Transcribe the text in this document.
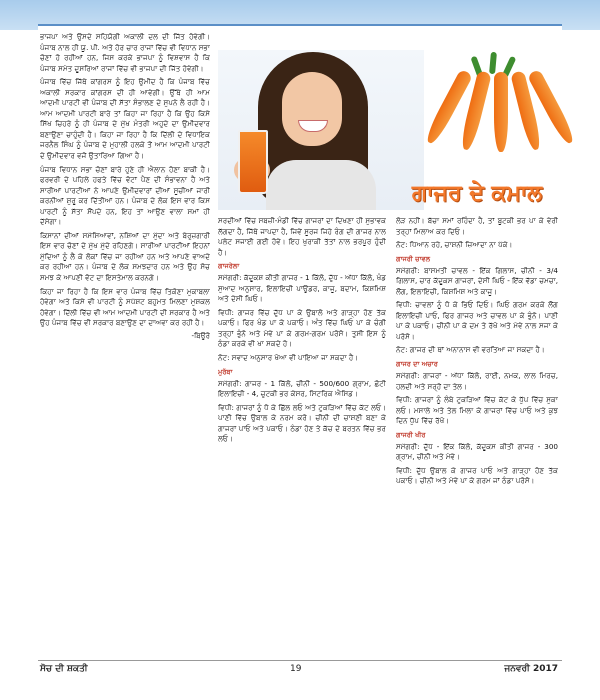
ਭਾਜਪਾ ਅਤੇ ਉਸਦੇ ਸਹਿਯੋਗੀ ਅਕਾਲੀ ਦਲ ਦੀ ਜਿੱਤ ਹੋਵੇਗੀ। ਪੰਜਾਬ ਨਾਲ ਹੀ ਯੂ. ਪੀ. ਅਤੇ ਹੋਰ ਚਾਰ ਰਾਜਾਂ ਵਿੱਚ ਵੀ ਵਿਧਾਨ ਸਭਾ ਚੋਣਾਂ ਹੋ ਰਹੀਆਂ ਹਨ, ਜਿਸ ਕਰਕੇ ਭਾਜਪਾ ਨੂੰ ਵਿਸ਼ਵਾਸ ਹੈ ਕਿ ਪੰਜਾਬ ਸਮੇਤ ਦੂਸਰਿਆਂ ਰਾਜਾਂ ਵਿੱਚ ਵੀ ਭਾਜਪਾ ਦੀ ਜਿੱਤ ਹੋਵੇਗੀ।

ਪੰਜਾਬ ਵਿੱਚ ਜਿੱਥੇ ਕਾਂਗਰਸ ਨੂੰ ਇਹ ਉਮੀਦ ਹੈ ਕਿ ਪੰਜਾਬ ਵਿੱਚ ਅਕਾਲੀ ਸਰਕਾਰ ਕਾਂਗਰਸ ਦੀ ਹੀ ਆਵੇਗੀ। ਉੱਥੇ ਹੀ ਆਮ ਆਦਮੀ ਪਾਰਟੀ ਵੀ ਪੰਜਾਬ ਦੀ ਸੱਤਾ ਸੰਭਾਲਣ ਦੇ ਸੁਪਨੇ ਲੈ ਰਹੀ ਹੈ। ਆਮ ਆਦਮੀ ਪਾਰਟੀ ਬਾਰੇ ਤਾਂ ਕਿਹਾ ਜਾ ਰਿਹਾ ਹੈ ਕਿ ਉਹ ਕਿਸੇ ਸਿੱਖ ਚਿਹਰੇ ਨੂੰ ਹੀ ਪੰਜਾਬ ਦੇ ਮੁੱਖ ਮੰਤਰੀ ਅਹੁਦੇ ਦਾ ਉਮੀਦਵਾਰ ਬਣਾਉਣਾ ਚਾਹੁੰਦੀ ਹੈ। ਕਿਹਾ ਜਾ ਰਿਹਾ ਹੈ ਕਿ ਦਿੱਲੀ ਦੇ ਵਿਧਾਇਕ ਜਰਨੈਲ ਸਿੰਘ ਨੂੰ ਪੰਜਾਬ ਦੇ ਮੁਹਾਲੀ ਹਲਕੇ ਤੋਂ ਆਮ ਆਦਮੀ ਪਾਰਟੀ ਦੇ ਉਮੀਦਵਾਰ ਵਜੋਂ ਉਤਾਰਿਆ ਗਿਆ ਹੈ।

ਪੰਜਾਬ ਵਿਧਾਨ ਸਭਾ ਚੋਣਾਂ ਬਾਰੇ ਹੁਣੇ ਹੀ ਐਲਾਨ ਹੋਣਾ ਬਾਕੀ ਹੈ। ਫਰਵਰੀ ਦੇ ਪਹਿਲੇ ਹਫਤੇ ਵਿੱਚ ਵੋਟਾਂ ਪੈਣ ਦੀ ਸੰਭਾਵਨਾ ਹੈ ਅਤੇ ਸਾਰੀਆਂ ਪਾਰਟੀਆਂ ਨੇ ਆਪਣੇ ਉਮੀਦਵਾਰਾਂ ਦੀਆਂ ਸੂਚੀਆਂ ਜਾਰੀ ਕਰਨੀਆਂ ਸ਼ੁਰੂ ਕਰ ਦਿੱਤੀਆਂ ਹਨ। ਪੰਜਾਬ ਦੇ ਲੋਕ ਇਸ ਵਾਰ ਕਿਸ ਪਾਰਟੀ ਨੂੰ ਸੱਤਾ ਸੌਂਪਦੇ ਹਨ, ਇਹ ਤਾਂ ਆਉਣ ਵਾਲਾ ਸਮਾਂ ਹੀ ਦੱਸੇਗਾ।

ਕਿਸਾਨਾਂ ਦੀਆਂ ਸਮੱਸਿਆਵਾਂ, ਨਸ਼ਿਆਂ ਦਾ ਮੁੱਦਾ ਅਤੇ ਬੇਰੁਜ਼ਗਾਰੀ ਇਸ ਵਾਰ ਚੋਣਾਂ ਦੇ ਮੁੱਖ ਮੁੱਦੇ ਰਹਿਣਗੇ। ਸਾਰੀਆਂ ਪਾਰਟੀਆਂ ਇਹਨਾਂ ਮੁੱਦਿਆਂ ਨੂੰ ਲੈ ਕੇ ਲੋਕਾਂ ਵਿੱਚ ਜਾ ਰਹੀਆਂ ਹਨ ਅਤੇ ਆਪਣੇ ਵਾਅਦੇ ਕਰ ਰਹੀਆਂ ਹਨ। ਪੰਜਾਬ ਦੇ ਲੋਕ ਸਮਝਦਾਰ ਹਨ ਅਤੇ ਉਹ ਸੋਚ ਸਮਝ ਕੇ ਆਪਣੀ ਵੋਟ ਦਾ ਇਸਤੇਮਾਲ ਕਰਨਗੇ।

ਕਿਹਾ ਜਾ ਰਿਹਾ ਹੈ ਕਿ ਇਸ ਵਾਰ ਪੰਜਾਬ ਵਿੱਚ ਤਿਕੋਣਾ ਮੁਕਾਬਲਾ ਹੋਵੇਗਾ ਅਤੇ ਕਿਸੇ ਵੀ ਪਾਰਟੀ ਨੂੰ ਸਪੱਸ਼ਟ ਬਹੁਮਤ ਮਿਲਣਾ ਮੁਸ਼ਕਲ ਹੋਵੇਗਾ। ਦਿੱਲੀ ਵਿੱਚ ਵੀ ਆਮ ਆਦਮੀ ਪਾਰਟੀ ਦੀ ਸਰਕਾਰ ਹੈ ਅਤੇ ਉਹ ਪੰਜਾਬ ਵਿੱਚ ਵੀ ਸਰਕਾਰ ਬਣਾਉਣ ਦਾ ਦਾਅਵਾ ਕਰ ਰਹੀ ਹੈ।

-ਬਿਊਰੋ
ਗਾਜਰ ਦੇ ਕਮਾਲ

ਸਰਦੀਆਂ ਵਿੱਚ ਸਬਜ਼ੀ-ਮੰਡੀ ਵਿੱਚ ਗਾਜਰਾਂ ਦਾ ਦਿਖਣਾ ਹੀ ਸੁਭਾਵਕ ਲੱਗਦਾ ਹੈ, ਜਿੱਥੇ ਜਾਪਦਾ ਹੈ, ਜਿਵੇਂ ਸੂਰਜ ਜਿਹੇ ਰੰਗ ਦੀ ਗਾਜਰ ਨਾਲ ਪਲੇਟ ਸਜਾਈ ਗਈ ਹੋਵੇ। ਇਹ ਖੁਰਾਕੀ ਤੱਤਾਂ ਨਾਲ ਭਰਪੂਰ ਹੁੰਦੀ ਹੈ।

ਗਾਜਰੇਲਾ

ਸਮੱਗਰੀ: ਕੱਦੂਕਸ਼ ਕੀਤੀ ਗਾਜਰ - 1 ਕਿੱਲੋ, ਦੁੱਧ - ਅੱਧਾ ਕਿੱਲੋ, ਖੰਡ ਸੁਆਦ ਅਨੁਸਾਰ, ਇਲਾਇਚੀ ਪਾਊਡਰ, ਕਾਜੂ, ਬਦਾਮ, ਕਿਸ਼ਮਿਸ਼ ਅਤੇ ਦੇਸੀ ਘਿਓ।

ਵਿਧੀ: ਗਾਜਰ ਵਿੱਚ ਦੁੱਧ ਪਾ ਕੇ ਉਬਾਲੋ ਅਤੇ ਗਾੜ੍ਹਾ ਹੋਣ ਤੱਕ ਪਕਾਓ। ਫਿਰ ਖੰਡ ਪਾ ਕੇ ਪਕਾਓ। ਅੰਤ ਵਿੱਚ ਘਿਓ ਪਾ ਕੇ ਚੰਗੀ ਤਰ੍ਹਾਂ ਭੁੰਨੋ ਅਤੇ ਮੇਵੇ ਪਾ ਕੇ ਗਰਮ-ਗਰਮ ਪਰੋਸੋ। ਤੁਸੀਂ ਇਸ ਨੂੰ ਠੰਡਾ ਕਰਕੇ ਵੀ ਖਾ ਸਕਦੇ ਹੋ।

ਨੋਟ: ਸਵਾਦ ਅਨੁਸਾਰ ਖੋਆ ਵੀ ਪਾਇਆ ਜਾ ਸਕਦਾ ਹੈ।

ਮੁਰੱਬਾ

ਸਮੱਗਰੀ: ਗਾਜਰ - 1 ਕਿੱਲੋ, ਚੀਨੀ - 500/600 ਗ੍ਰਾਮ, ਛੋਟੀ ਇਲਾਇਚੀ - 4, ਚੁਟਕੀ ਭਰ ਕੇਸਰ, ਸਿਟਰਿਕ ਐਸਿਡ।

ਵਿਧੀ: ਗਾਜਰਾਂ ਨੂੰ ਧੋ ਕੇ ਛਿੱਲ ਲਓ ਅਤੇ ਟੁਕੜਿਆਂ ਵਿੱਚ ਕੱਟ ਲਓ। ਪਾਣੀ ਵਿੱਚ ਉਬਾਲ ਕੇ ਨਰਮ ਕਰੋ। ਚੀਨੀ ਦੀ ਚਾਸ਼ਣੀ ਬਣਾ ਕੇ ਗਾਜਰਾਂ ਪਾਓ ਅਤੇ ਪਕਾਓ। ਠੰਡਾ ਹੋਣ ਤੇ ਕੱਚ ਦੇ ਬਰਤਨ ਵਿੱਚ ਭਰ ਲਓ।

ਲੋੜ ਨਹੀਂ। ਬੱਚਾ ਸਮਾਂ ਰਹਿੰਦਾ ਹੈ, ਤਾਂ ਬੂਟਕੀ ਭਰ ਪਾ ਕੇ ਵੇਰੀ ਤਰ੍ਹਾਂ ਮਿਲਾਅ ਕਰ ਦਿਓ।

ਨੋਟ: ਧਿਆਨ ਰਹੇ, ਚਾਸ਼ਨੀ ਜ਼ਿਆਦਾ ਨਾ ਪੱਕੇ।

ਗਾਜਰੀ ਚਾਵਲ

ਸਮੱਗਰੀ: ਬਾਸਮਤੀ ਚਾਵਲ - ਇੱਕ ਗਿਲਾਸ, ਚੀਨੀ - 3/4 ਗਿਲਾਸ, ਚਾਰ ਕੱਦੂਕਸ ਗਾਜਰਾਂ, ਦੇਸੀ ਘਿਓ - ਇੱਕ ਵੱਡਾ ਚਮਚਾ, ਲੌਂਗ, ਇਲਾਇਚੀ, ਕਿਸ਼ਮਿਸ਼ ਅਤੇ ਕਾਜੂ।

ਵਿਧੀ: ਚਾਵਲਾਂ ਨੂੰ ਧੋ ਕੇ ਭਿਓਂ ਦਿਓ। ਘਿਓ ਗਰਮ ਕਰਕੇ ਲੌਂਗ ਇਲਾਇਚੀ ਪਾਓ, ਫਿਰ ਗਾਜਰ ਅਤੇ ਚਾਵਲ ਪਾ ਕੇ ਭੁੰਨੋ। ਪਾਣੀ ਪਾ ਕੇ ਪਕਾਓ। ਚੀਨੀ ਪਾ ਕੇ ਦਮ ਤੇ ਰੱਖੋ ਅਤੇ ਮੇਵੇ ਨਾਲ ਸਜਾ ਕੇ ਪਰੋਸੋ।

ਨੋਟ: ਗਾਜਰ ਦੀ ਥਾਂ ਅਨਾਨਾਸ ਵੀ ਵਰਤਿਆ ਜਾ ਸਕਦਾ ਹੈ।

ਗਾਜਰ ਦਾ ਅਚਾਰ

ਸਮੱਗਰੀ: ਗਾਜਰਾਂ - ਅੱਧਾ ਕਿੱਲੋ, ਰਾਈ, ਨਮਕ, ਲਾਲ ਮਿਰਚ, ਹਲਦੀ ਅਤੇ ਸਰ੍ਹੋਂ ਦਾ ਤੇਲ।

ਵਿਧੀ: ਗਾਜਰਾਂ ਨੂੰ ਲੰਬੇ ਟੁਕੜਿਆਂ ਵਿੱਚ ਕੱਟ ਕੇ ਧੁੱਪ ਵਿੱਚ ਸੁਕਾ ਲਓ। ਮਸਾਲੇ ਅਤੇ ਤੇਲ ਮਿਲਾ ਕੇ ਗਾਜਰਾਂ ਵਿੱਚ ਪਾਓ ਅਤੇ ਕੁਝ ਦਿਨ ਧੁੱਪ ਵਿੱਚ ਰੱਖੋ।

ਗਾਜਰੀ ਖੀਰ

ਸਮੱਗਰੀ: ਦੁੱਧ - ਇੱਕ ਕਿੱਲੋ, ਕੱਦੂਕਸ ਕੀਤੀ ਗਾਜਰ - 300 ਗ੍ਰਾਮ, ਚੀਨੀ ਅਤੇ ਮੇਵੇ।

ਵਿਧੀ: ਦੁੱਧ ਉਬਾਲ ਕੇ ਗਾਜਰ ਪਾਓ ਅਤੇ ਗਾੜ੍ਹਾ ਹੋਣ ਤੱਕ ਪਕਾਓ। ਚੀਨੀ ਅਤੇ ਮੇਵੇ ਪਾ ਕੇ ਗਰਮ ਜਾਂ ਠੰਡਾ ਪਰੋਸੋ।

ਸੋਚ ਦੀ ਸ਼ਕਤੀ	19	ਜਨਵਰੀ 2017
